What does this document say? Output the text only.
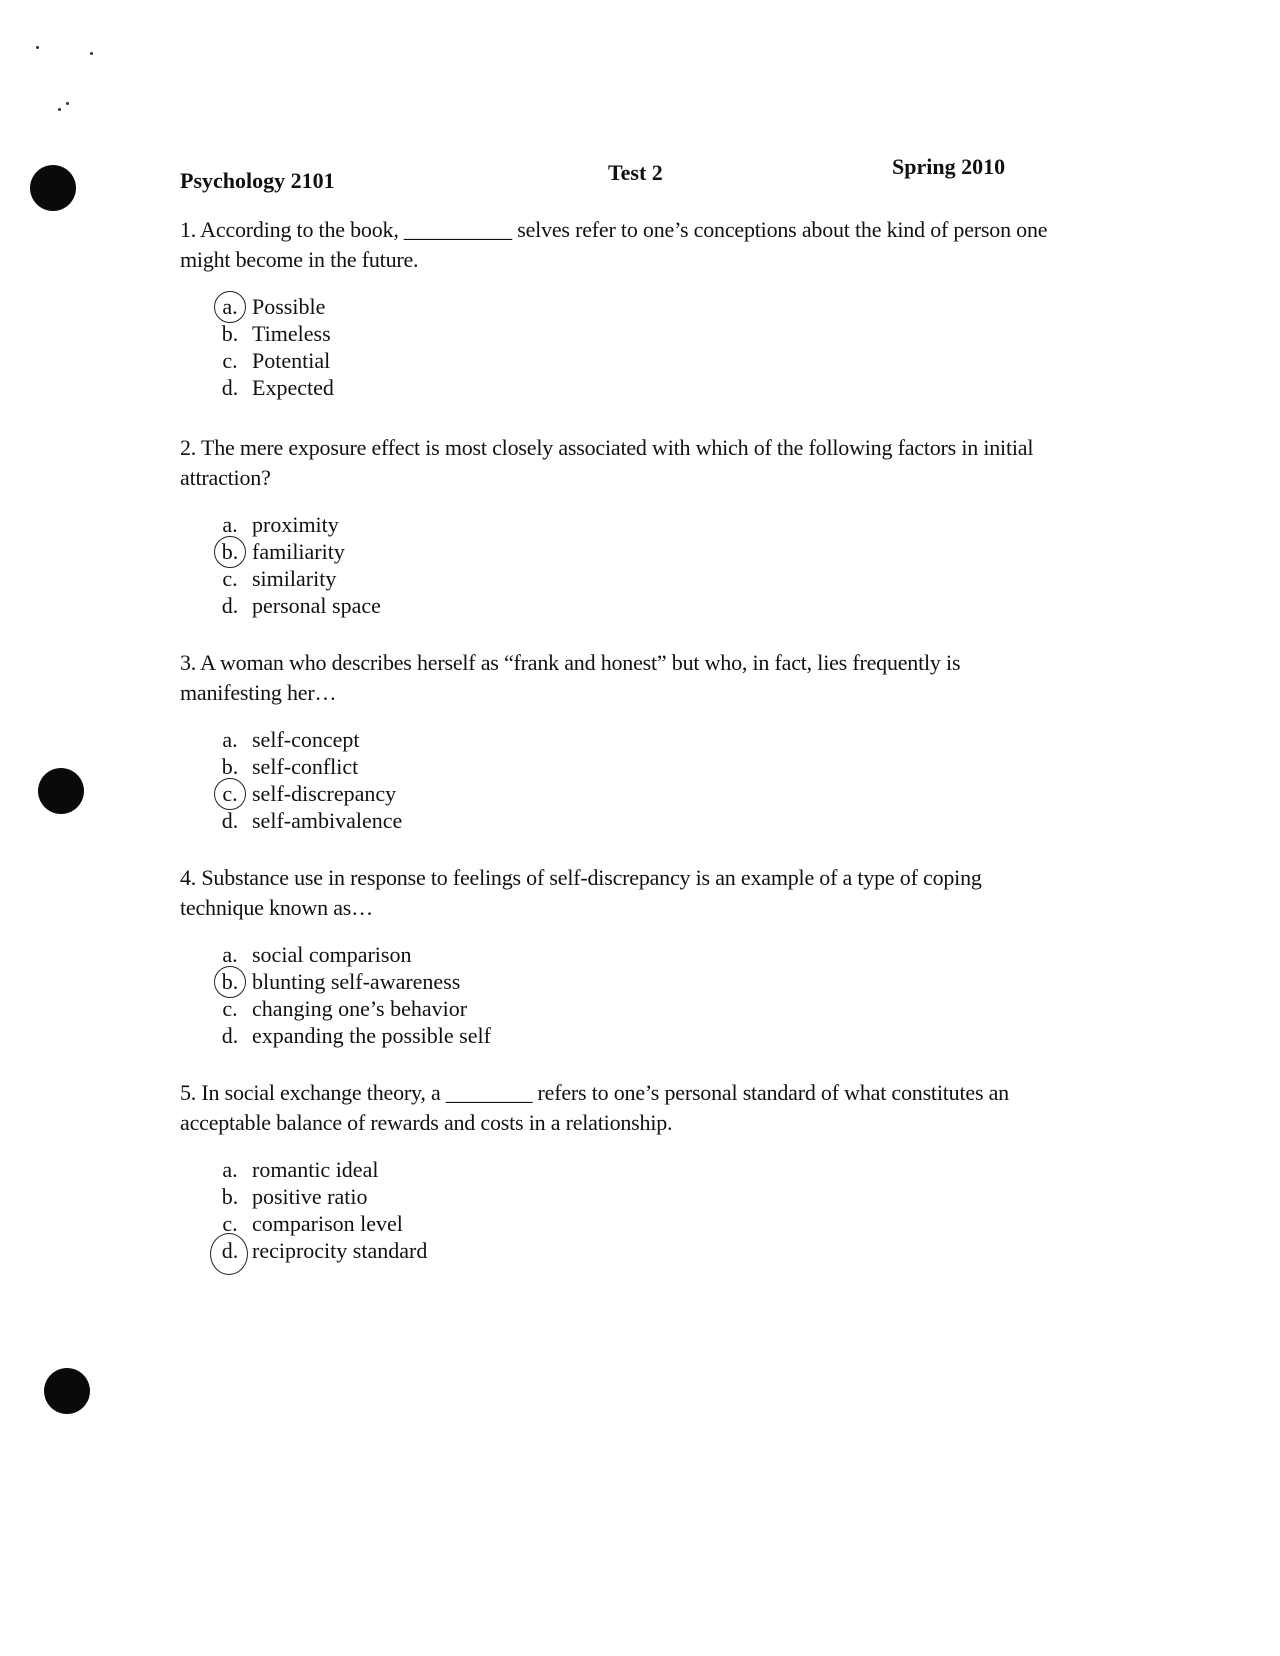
Psychology 2101	Test 2	Spring 2010

1. According to the book, __________ selves refer to one’s conceptions about the kind of person one might become in the future.

a. Possible
b. Timeless
c. Potential
d. Expected

2. The mere exposure effect is most closely associated with which of the following factors in initial attraction?

a. proximity
b. familiarity
c. similarity
d. personal space

3. A woman who describes herself as “frank and honest” but who, in fact, lies frequently is manifesting her…

a. self-concept
b. self-conflict
c. self-discrepancy
d. self-ambivalence

4. Substance use in response to feelings of self-discrepancy is an example of a type of coping technique known as…

a. social comparison
b. blunting self-awareness
c. changing one’s behavior
d. expanding the possible self

5. In social exchange theory, a ________ refers to one’s personal standard of what constitutes an acceptable balance of rewards and costs in a relationship.

a. romantic ideal
b. positive ratio
c. comparison level
d. reciprocity standard
